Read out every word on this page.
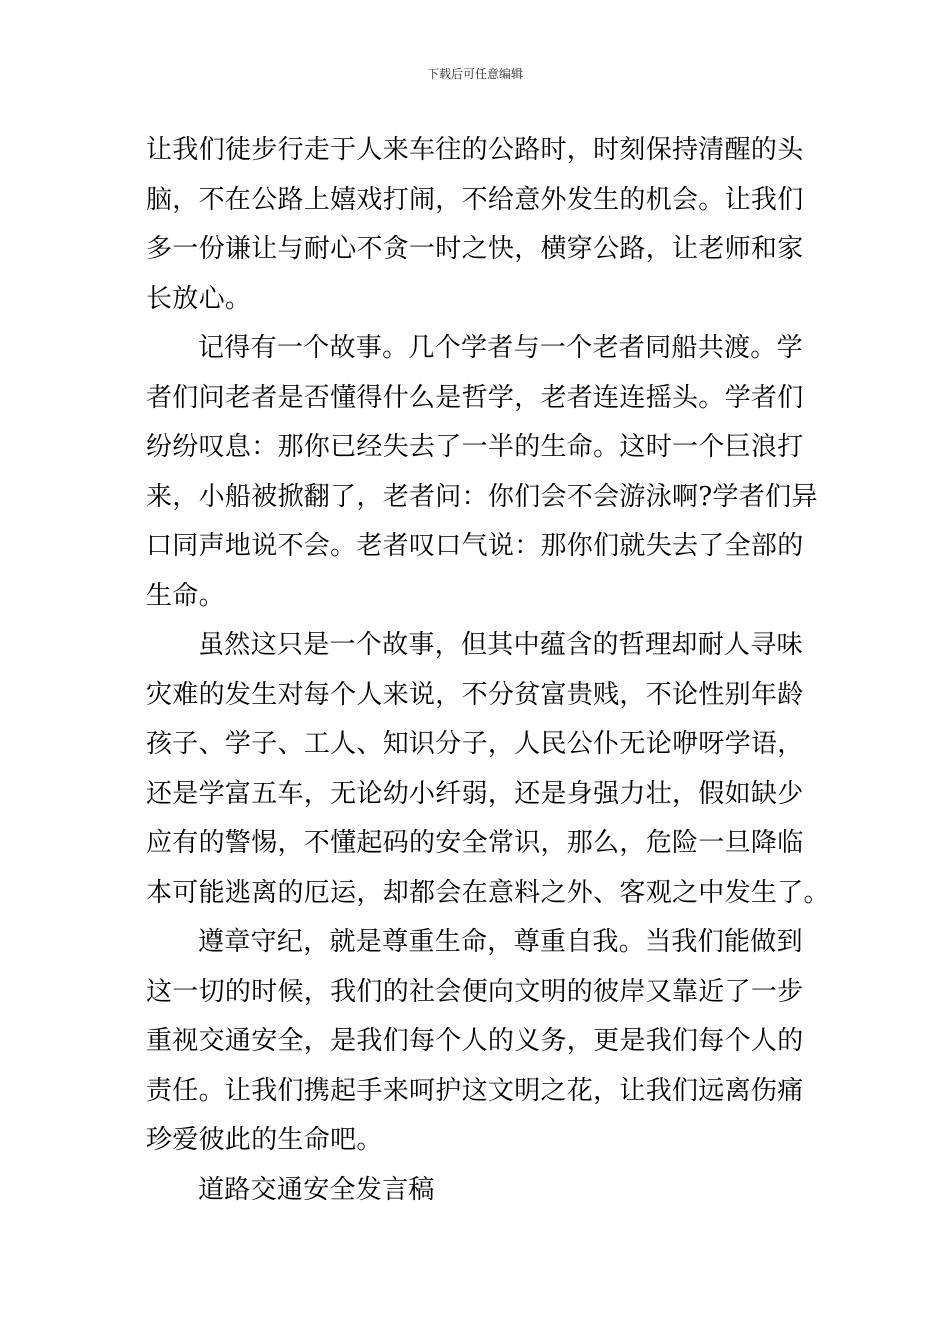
下载后可任意编辑
让我们徒步行走于人来车往的公路时，时刻保持清醒的头
脑，不在公路上嬉戏打闹，不给意外发生的机会。让我们
多一份谦让与耐心不贪一时之快，横穿公路，让老师和家
长放心。
记得有一个故事。几个学者与一个老者同船共渡。学
者们问老者是否懂得什么是哲学，老者连连摇头。学者们
纷纷叹息：那你已经失去了一半的生命。这时一个巨浪打
来，小船被掀翻了，老者问：你们会不会游泳啊?学者们异
口同声地说不会。老者叹口气说：那你们就失去了全部的
生命。
虽然这只是一个故事，但其中蕴含的哲理却耐人寻味
灾难的发生对每个人来说，不分贫富贵贱，不论性别年龄
孩子、学子、工人、知识分子，人民公仆无论咿呀学语，
还是学富五车，无论幼小纤弱，还是身强力壮，假如缺少
应有的警惕，不懂起码的安全常识，那么，危险一旦降临
本可能逃离的厄运，却都会在意料之外、客观之中发生了。
遵章守纪，就是尊重生命，尊重自我。当我们能做到
这一切的时候，我们的社会便向文明的彼岸又靠近了一步
重视交通安全，是我们每个人的义务，更是我们每个人的
责任。让我们携起手来呵护这文明之花，让我们远离伤痛
珍爱彼此的生命吧。
道路交通安全发言稿
